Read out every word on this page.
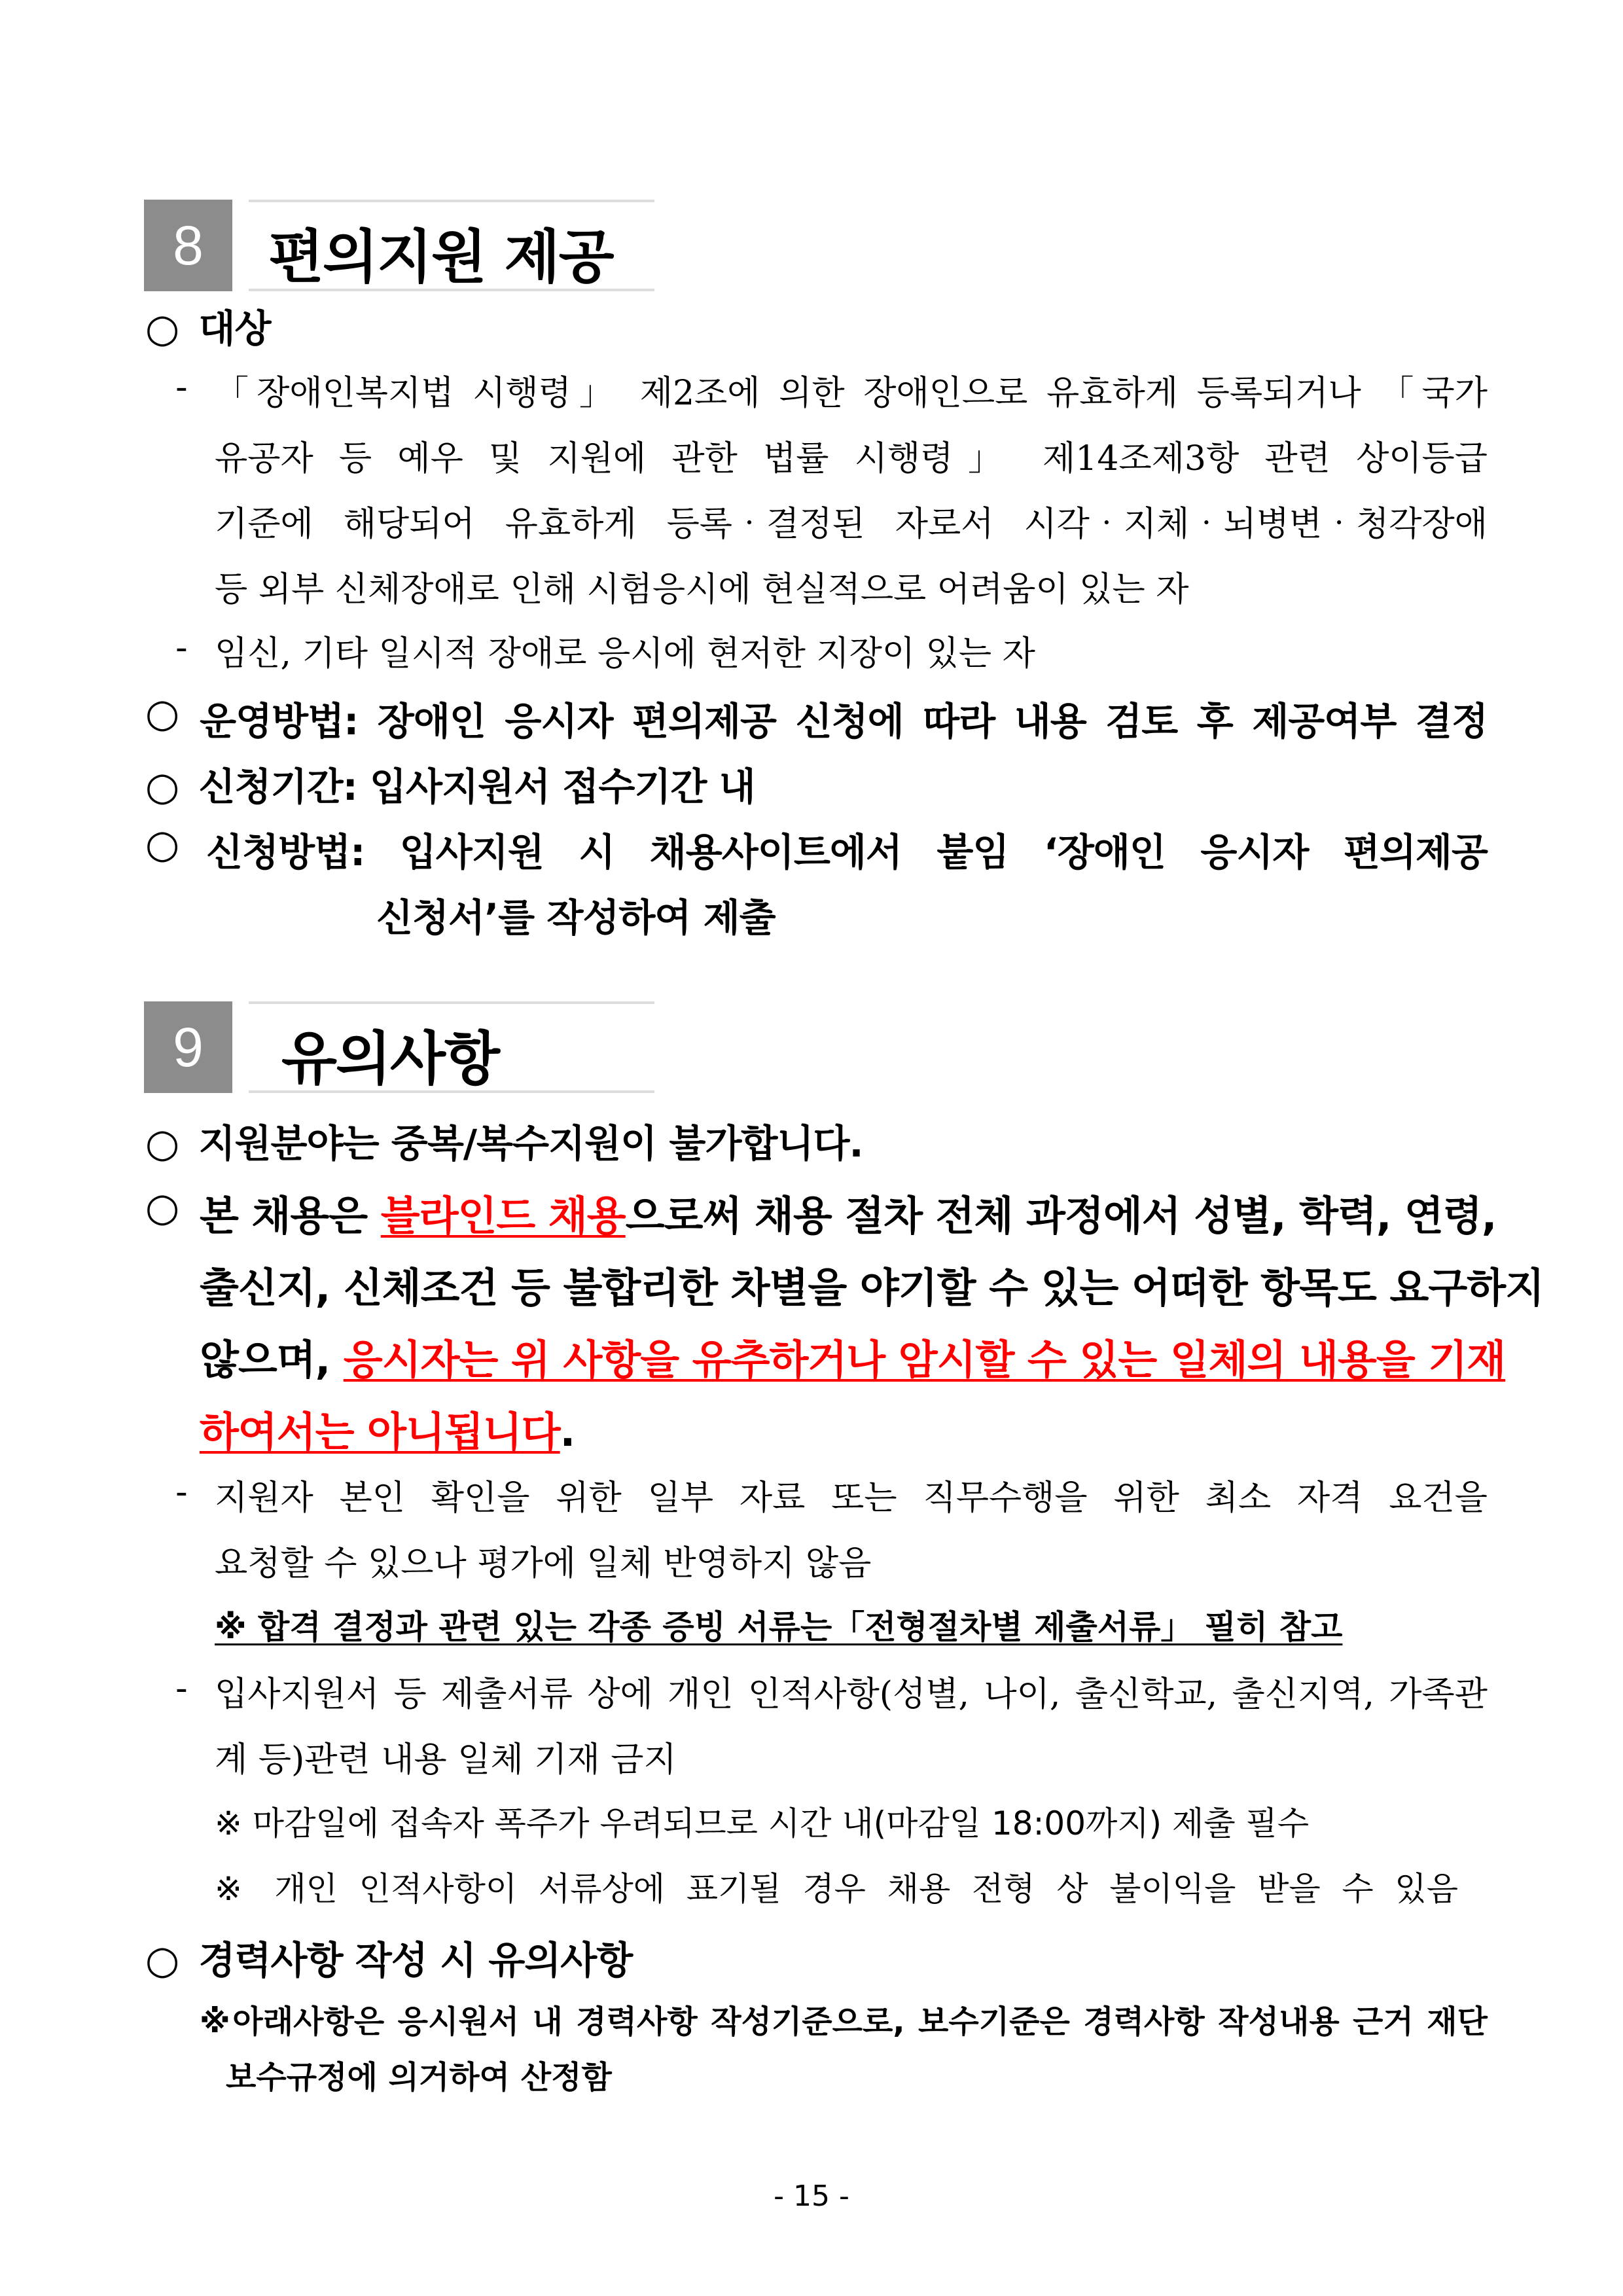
8	편의지원 제공
○ 대상
- 「장애인복지법 시행령」 제2조에 의한 장애인으로 유효하게 등록되거나 「국가
유공자 등 예우 및 지원에 관한 법률 시행령」 제14조제3항 관련 상이등급
기준에 해당되어 유효하게 등록‧결정된 자로서 시각‧지체‧뇌병변‧청각장애
등 외부 신체장애로 인해 시험응시에 현실적으로 어려움이 있는 자
- 임신, 기타 일시적 장애로 응시에 현저한 지장이 있는 자
○ 운영방법: 장애인 응시자 편의제공 신청에 따라 내용 검토 후 제공여부 결정
○ 신청기간: 입사지원서 접수기간 내
○ 신청방법: 입사지원 시 채용사이트에서 붙임 ‘장애인 응시자 편의제공
신청서’를 작성하여 제출
9	유의사항
○ 지원분야는 중복/복수지원이 불가합니다.
○ 본 채용은 블라인드 채용으로써 채용 절차 전체 과정에서 성별, 학력, 연령,
출신지, 신체조건 등 불합리한 차별을 야기할 수 있는 어떠한 항목도 요구하지
않으며, 응시자는 위 사항을 유추하거나 암시할 수 있는 일체의 내용을 기재
하여서는 아니됩니다.
- 지원자 본인 확인을 위한 일부 자료 또는 직무수행을 위한 최소 자격 요건을
요청할 수 있으나 평가에 일체 반영하지 않음
※ 합격 결정과 관련 있는 각종 증빙 서류는「전형절차별 제출서류」 필히 참고
- 입사지원서 등 제출서류 상에 개인 인적사항(성별, 나이, 출신학교, 출신지역, 가족관
계 등)관련 내용 일체 기재 금지
※ 마감일에 접속자 폭주가 우려되므로 시간 내(마감일 18:00까지) 제출 필수
※ 개인 인적사항이 서류상에 표기될 경우 채용 전형 상 불이익을 받을 수 있음
○ 경력사항 작성 시 유의사항
※아래사항은 응시원서 내 경력사항 작성기준으로, 보수기준은 경력사항 작성내용 근거 재단
보수규정에 의거하여 산정함
- 15 -
